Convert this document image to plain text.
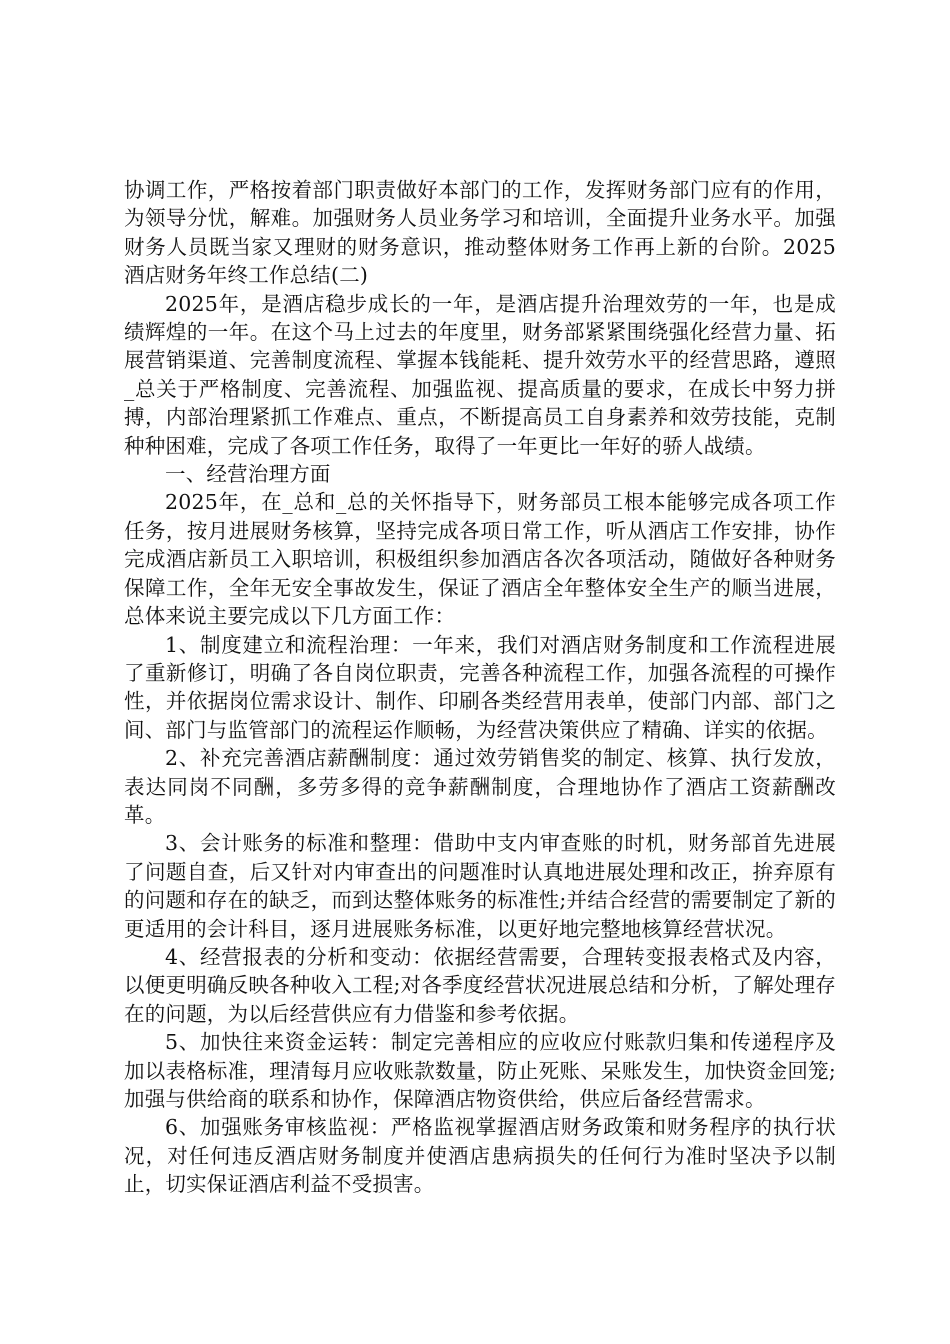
协调工作，严格按着部门职责做好本部门的工作，发挥财务部门应有的作用，为领导分忧，解难。加强财务人员业务学习和培训，全面提升业务水平。加强财务人员既当家又理财的财务意识，推动整体财务工作再上新的台阶。2025酒店财务年终工作总结(二)

2025年，是酒店稳步成长的一年，是酒店提升治理效劳的一年，也是成绩辉煌的一年。在这个马上过去的年度里，财务部紧紧围绕强化经营力量、拓展营销渠道、完善制度流程、掌握本钱能耗、提升效劳水平的经营思路，遵照_总关于严格制度、完善流程、加强监视、提高质量的要求，在成长中努力拼搏，内部治理紧抓工作难点、重点，不断提高员工自身素养和效劳技能，克制种种困难，完成了各项工作任务，取得了一年更比一年好的骄人战绩。

一、经营治理方面

2025年，在_总和_总的关怀指导下，财务部员工根本能够完成各项工作任务，按月进展财务核算，坚持完成各项日常工作，听从酒店工作安排，协作完成酒店新员工入职培训，积极组织参加酒店各次各项活动，随做好各种财务保障工作，全年无安全事故发生，保证了酒店全年整体安全生产的顺当进展，总体来说主要完成以下几方面工作：

1、制度建立和流程治理：一年来，我们对酒店财务制度和工作流程进展了重新修订，明确了各自岗位职责，完善各种流程工作，加强各流程的可操作性，并依据岗位需求设计、制作、印刷各类经营用表单，使部门内部、部门之间、部门与监管部门的流程运作顺畅，为经营决策供应了精确、详实的依据。

2、补充完善酒店薪酬制度：通过效劳销售奖的制定、核算、执行发放，表达同岗不同酬，多劳多得的竞争薪酬制度，合理地协作了酒店工资薪酬改革。

3、会计账务的标准和整理：借助中支内审查账的时机，财务部首先进展了问题自查，后又针对内审查出的问题准时认真地进展处理和改正，拚弃原有的问题和存在的缺乏，而到达整体账务的标准性;并结合经营的需要制定了新的更适用的会计科目，逐月进展账务标准，以更好地完整地核算经营状况。

4、经营报表的分析和变动：依据经营需要，合理转变报表格式及内容，以便更明确反映各种收入工程;对各季度经营状况进展总结和分析，了解处理存在的问题，为以后经营供应有力借鉴和参考依据。

5、加快往来资金运转：制定完善相应的应收应付账款归集和传递程序及加以表格标准，理清每月应收账款数量，防止死账、呆账发生，加快资金回笼;加强与供给商的联系和协作，保障酒店物资供给，供应后备经营需求。

6、加强账务审核监视：严格监视掌握酒店财务政策和财务程序的执行状况，对任何违反酒店财务制度并使酒店患病损失的任何行为准时坚决予以制止，切实保证酒店利益不受损害。
